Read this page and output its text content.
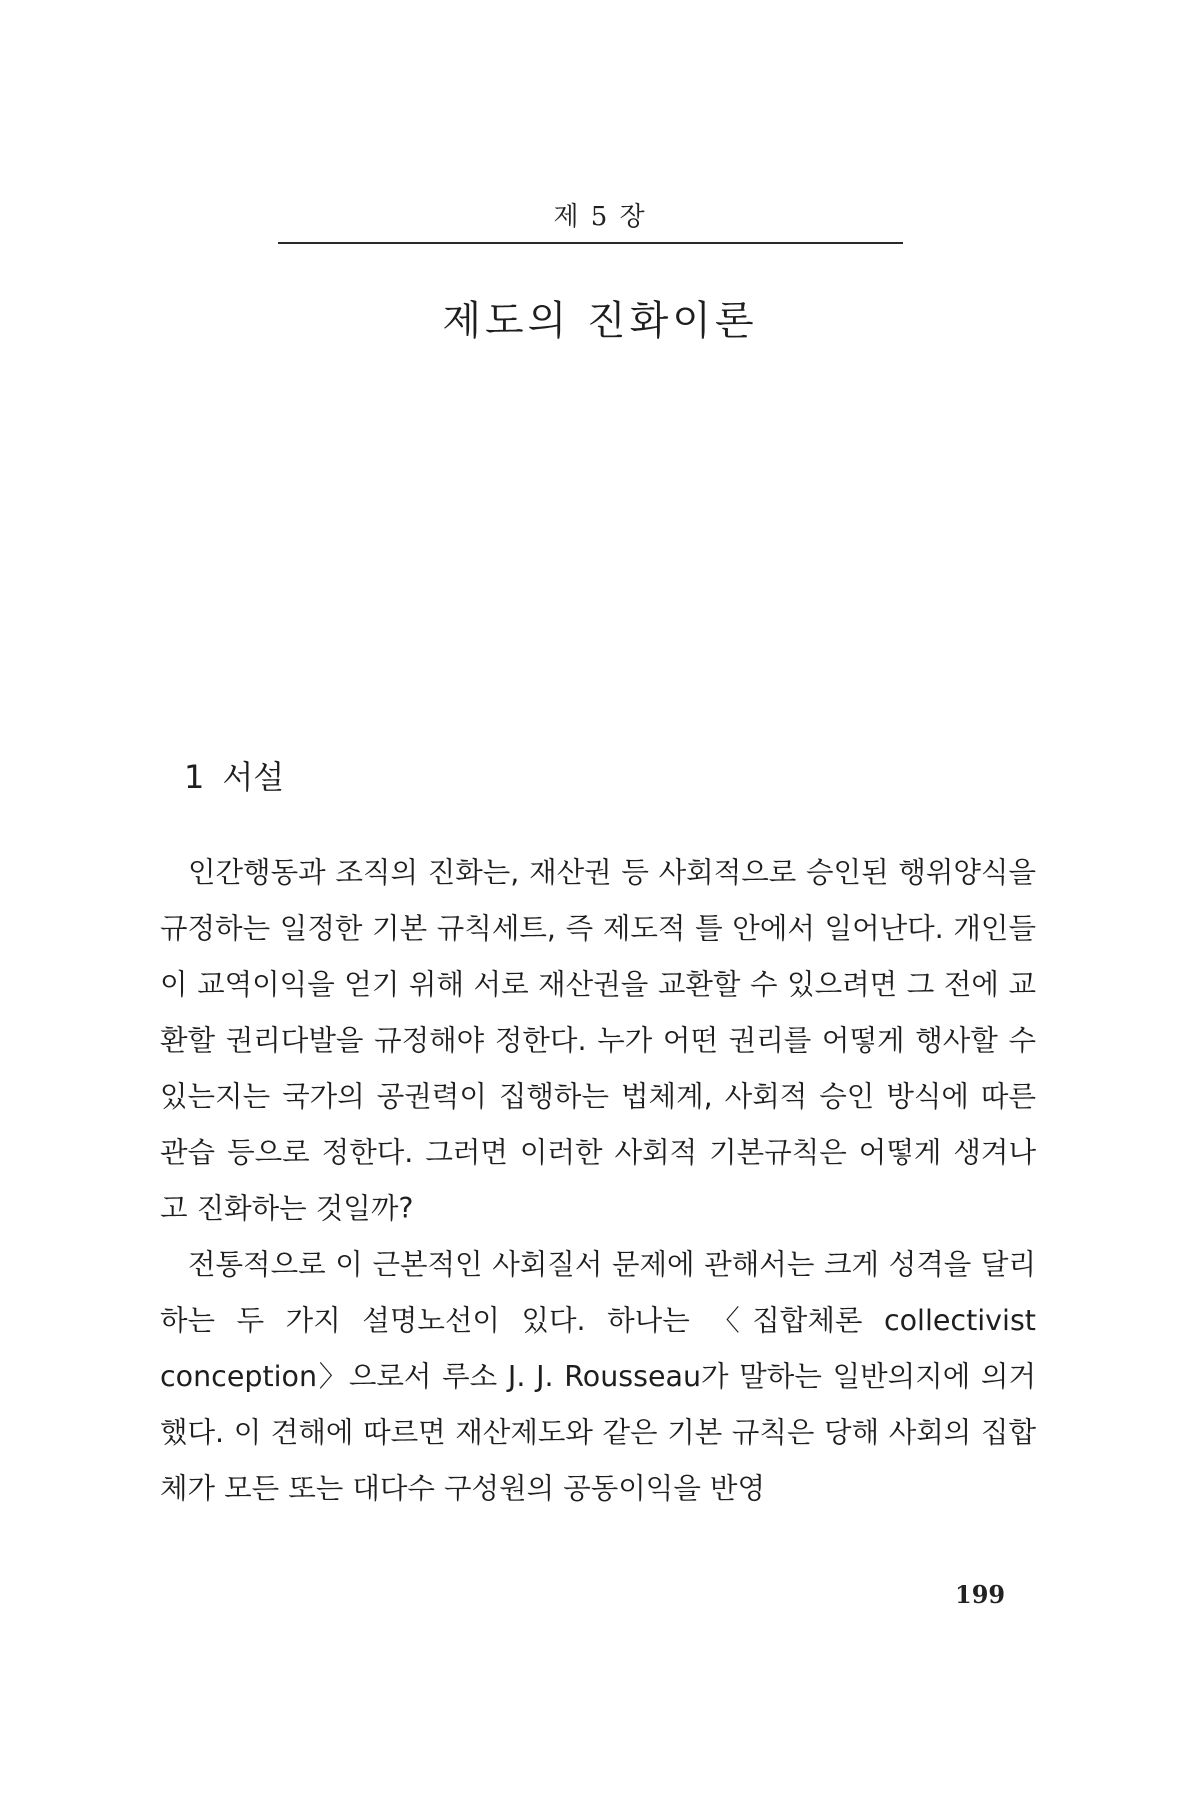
제 5 장
제도의 진화이론
1 서설

인간행동과 조직의 진화는, 재산권 등 사회적으로 승인된 행위양식을 규정하는 일정한 기본 규칙세트, 즉 제도적 틀 안에서 일어난다. 개인들이 교역이익을 얻기 위해 서로 재산권을 교환할 수 있으려면 그 전에 교환할 권리다발을 규정해야 정한다. 누가 어떤 권리를 어떻게 행사할 수 있는지는 국가의 공권력이 집행하는 법체계, 사회적 승인 방식에 따른 관습 등으로 정한다. 그러면 이러한 사회적 기본규칙은 어떻게 생겨나고 진화하는 것일까?

전통적으로 이 근본적인 사회질서 문제에 관해서는 크게 성격을 달리하는 두 가지 설명노선이 있다. 하나는 〈집합체론 collectivist conception〉으로서 루소 J. J. Rousseau가 말하는 일반의지에 의거했다. 이 견해에 따르면 재산제도와 같은 기본 규칙은 당해 사회의 집합체가 모든 또는 대다수 구성원의 공동이익을 반영

199
